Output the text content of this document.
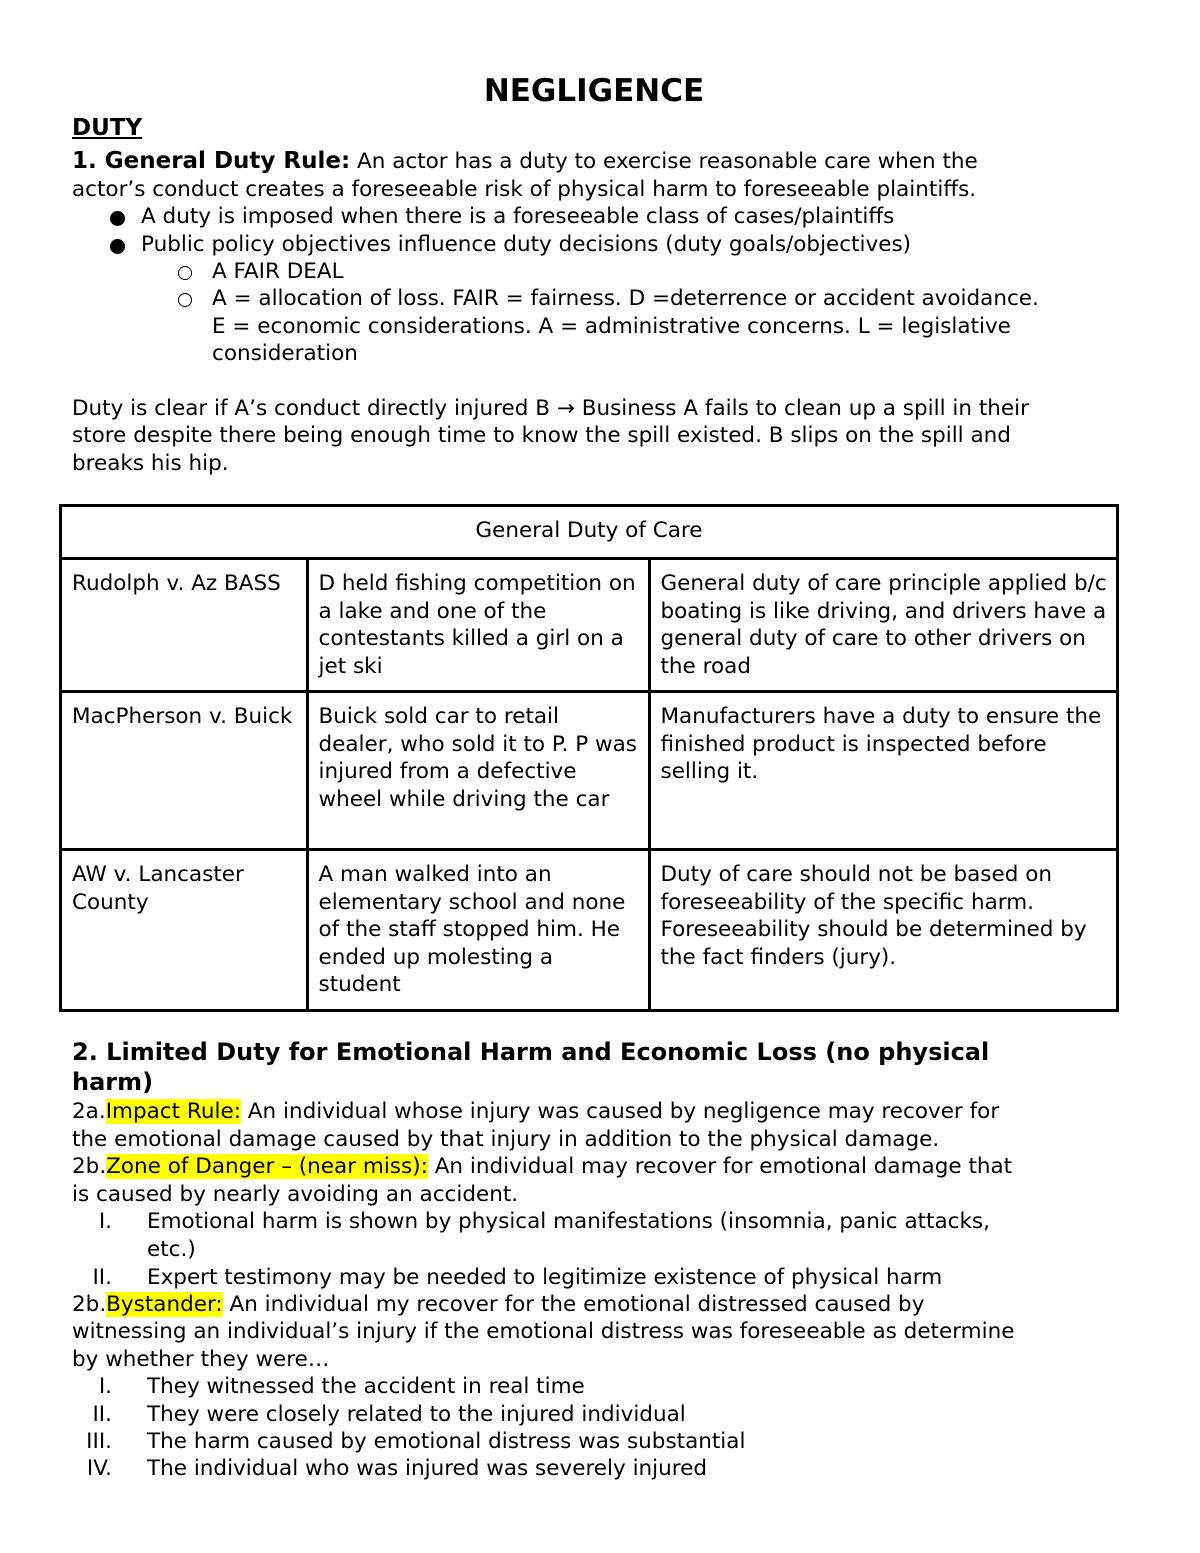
NEGLIGENCE
DUTY
1. General Duty Rule: An actor has a duty to exercise reasonable care when the
actor’s conduct creates a foreseeable risk of physical harm to foreseeable plaintiffs.
A duty is imposed when there is a foreseeable class of cases/plaintiffs
Public policy objectives influence duty decisions (duty goals/objectives)
A FAIR DEAL
A = allocation of loss. FAIR = fairness. D =deterrence or accident avoidance.
E = economic considerations. A = administrative concerns. L = legislative
consideration
Duty is clear if A’s conduct directly injured B → Business A fails to clean up a spill in their
store despite there being enough time to know the spill existed. B slips on the spill and
breaks his hip.
General Duty of Care		
Rudolph v. Az BASS	D held fishing competition on a lake and one of the contestants killed a girl on a jet ski	General duty of care principle applied b/c boating is like driving, and drivers have a general duty of care to other drivers on the road
MacPherson v. Buick	Buick sold car to retail dealer, who sold it to P. P was injured from a defective wheel while driving the car	Manufacturers have a duty to ensure the finished product is inspected before selling it.
AW v. Lancaster County	A man walked into an elementary school and none of the staff stopped him. He ended up molesting a student	Duty of care should not be based on foreseeability of the specific harm. Foreseeability should be determined by the fact finders (jury).
2. Limited Duty for Emotional Harm and Economic Loss (no physical
harm)
2a.Impact Rule: An individual whose injury was caused by negligence may recover for
the emotional damage caused by that injury in addition to the physical damage.
2b.Zone of Danger – (near miss): An individual may recover for emotional damage that
is caused by nearly avoiding an accident.
I. Emotional harm is shown by physical manifestations (insomnia, panic attacks,
etc.)
II. Expert testimony may be needed to legitimize existence of physical harm
2b.Bystander: An individual my recover for the emotional distressed caused by
witnessing an individual’s injury if the emotional distress was foreseeable as determine
by whether they were…
I. They witnessed the accident in real time
II. They were closely related to the injured individual
III. The harm caused by emotional distress was substantial
IV. The individual who was injured was severely injured
